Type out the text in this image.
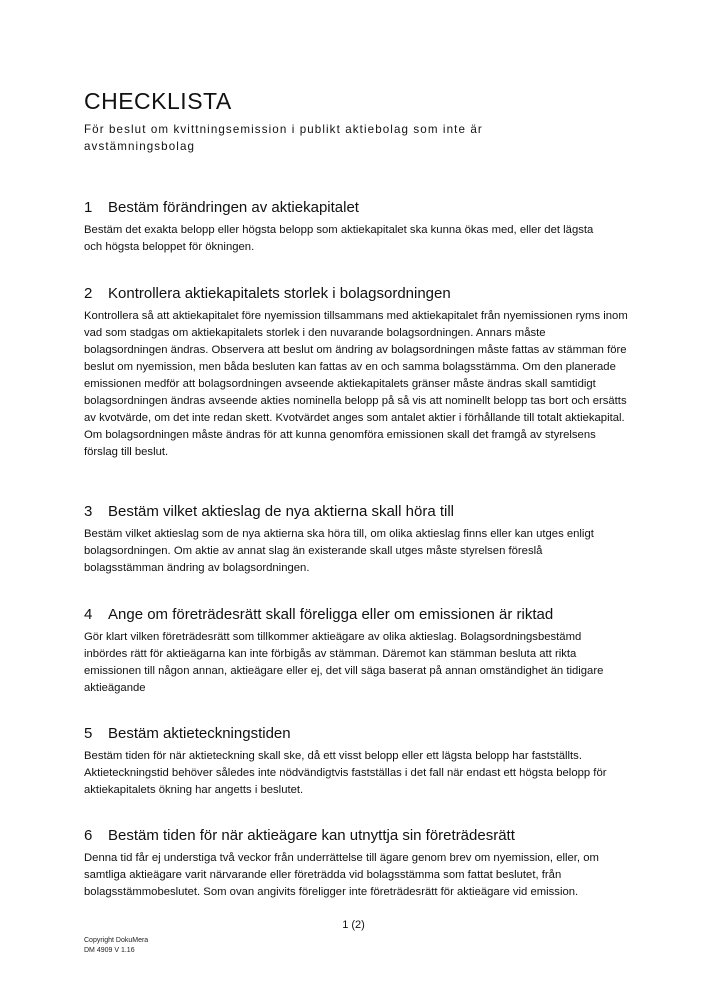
CHECKLISTA
För beslut om kvittningsemission i publikt aktiebolag som inte är avstämningsbolag
1	Bestäm förändringen av aktiekapitalet

Bestäm det exakta belopp eller högsta belopp som aktiekapitalet ska kunna ökas med, eller det lägsta och högsta beloppet för ökningen.

2	Kontrollera aktiekapitalets storlek i bolagsordningen

Kontrollera så att aktiekapitalet före nyemission tillsammans med aktiekapitalet från nyemissionen ryms inom vad som stadgas om aktiekapitalets storlek i den nuvarande bolagsordningen. Annars måste bolagsordningen ändras. Observera att beslut om ändring av bolagsordningen måste fattas av stämman före beslut om nyemission, men båda besluten kan fattas av en och samma bolagsstämma. Om den planerade emissionen medför att bolagsordningen avseende aktiekapitalets gränser måste ändras skall samtidigt bolagsordningen ändras avseende akties nominella belopp på så vis att nominellt belopp tas bort och ersätts av kvotvärde, om det inte redan skett. Kvotvärdet anges som antalet aktier i förhållande till totalt aktiekapital. Om bolagsordningen måste ändras för att kunna genomföra emissionen skall det framgå av styrelsens förslag till beslut.

3	Bestäm vilket aktieslag de nya aktierna skall höra till

Bestäm vilket aktieslag som de nya aktierna ska höra till, om olika aktieslag finns eller kan utges enligt bolagsordningen. Om aktie av annat slag än existerande skall utges måste styrelsen föreslå bolagsstämman ändring av bolagsordningen.

4	Ange om företrädesrätt skall föreligga eller om emissionen är riktad

Gör klart vilken företrädesrätt som tillkommer aktieägare av olika aktieslag. Bolagsordningsbestämd inbördes rätt för aktieägarna kan inte förbigås av stämman. Däremot kan stämman besluta att rikta emissionen till någon annan, aktieägare eller ej, det vill säga baserat på annan omständighet än tidigare aktieägande

5	Bestäm aktieteckningstiden

Bestäm tiden för när aktieteckning skall ske, då ett visst belopp eller ett lägsta belopp har fastställts. Aktieteckningstid behöver således inte nödvändigtvis fastställas i det fall när endast ett högsta belopp för aktiekapitalets ökning har angetts i beslutet.

6	Bestäm tiden för när aktieägare kan utnyttja sin företrädesrätt

Denna tid får ej understiga två veckor från underrättelse till ägare genom brev om nyemission, eller, om samtliga aktieägare varit närvarande eller företrädda vid bolagsstämma som fattat beslutet, från bolagsstämmobeslutet. Som ovan angivits föreligger inte företrädesrätt för aktieägare vid emission.

1 (2)
Copyright DokuMera
DM 4909 V 1.16
